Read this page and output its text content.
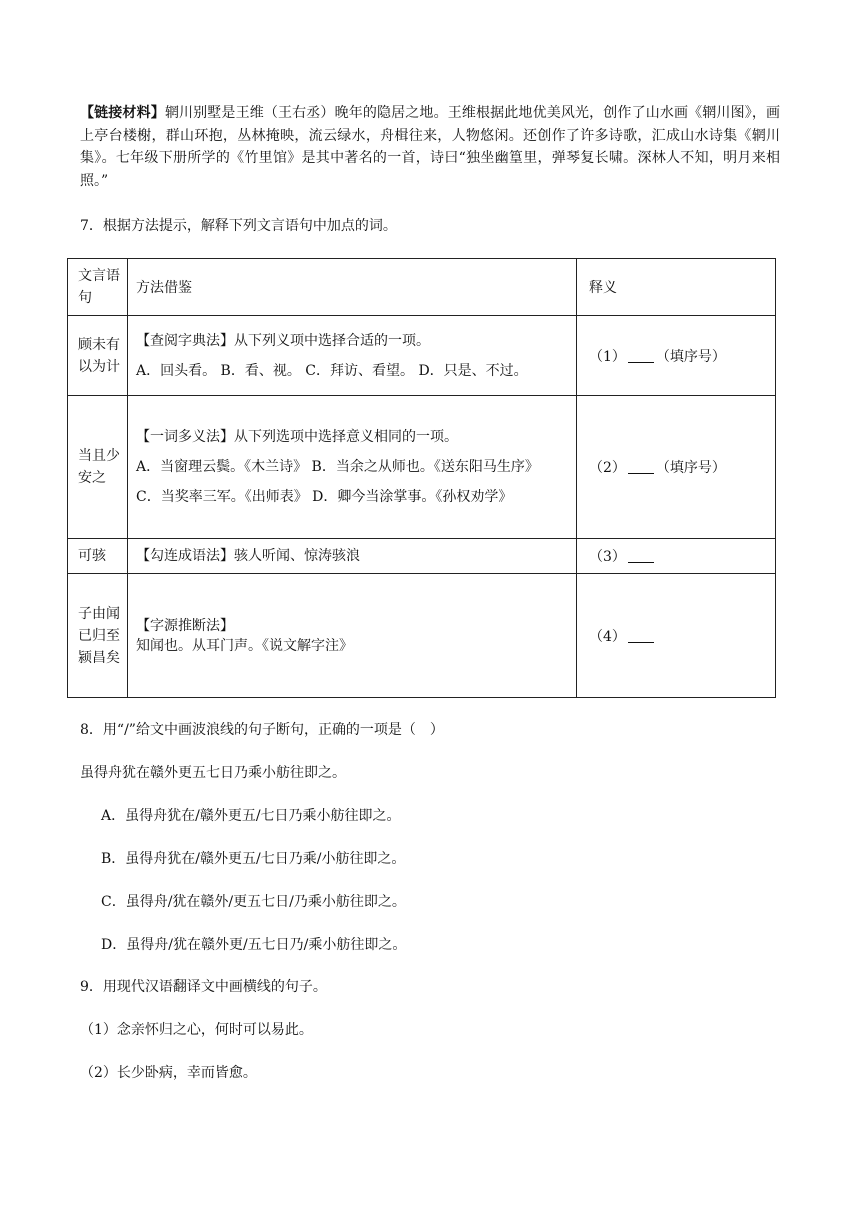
【链接材料】辋川别墅是王维（王右丞）晚年的隐居之地。王维根据此地优美风光，创作了山水画《辋川图》，画上亭台楼榭，群山环抱，丛林掩映，流云绿水，舟楫往来，人物悠闲。还创作了许多诗歌，汇成山水诗集《辋川集》。七年级下册所学的《竹里馆》是其中著名的一首，诗曰“独坐幽篁里，弹琴复长啸。深林人不知，明月来相照。”
7．根据方法提示，解释下列文言语句中加点的词。
文言语句	方法借鉴	释义
顾未有以为计	【查阅字典法】从下列义项中选择合适的一项。
A．回头看。 B．看、视。 C．拜访、看望。 D．只是、不过。	（1） （填序号）
当且少安之	【一词多义法】从下列选项中选择意义相同的一项。
A．当窗理云鬓。《木兰诗》 B．当余之从师也。《送东阳马生序》
C．当奖率三军。《出师表》 D．卿今当涂掌事。《孙权劝学》	（2） （填序号）
可骇	【勾连成语法】骇人听闻、惊涛骇浪	（3）
子由闻已归至颍昌矣	【字源推断法】
知闻也。从耳门声。《说文解字注》	（4）
8．用“/”给文中画波浪线的句子断句，正确的一项是（　）
虽得舟犹在赣外更五七日乃乘小舫往即之。
A．虽得舟犹在/赣外更五/七日乃乘小舫往即之。
B．虽得舟犹在/赣外更五/七日乃乘/小舫往即之。
C．虽得舟/犹在赣外/更五七日/乃乘小舫往即之。
D．虽得舟/犹在赣外更/五七日乃/乘小舫往即之。
9．用现代汉语翻译文中画横线的句子。
（1）念亲怀归之心，何时可以易此。
（2）长少卧病，幸而皆愈。
